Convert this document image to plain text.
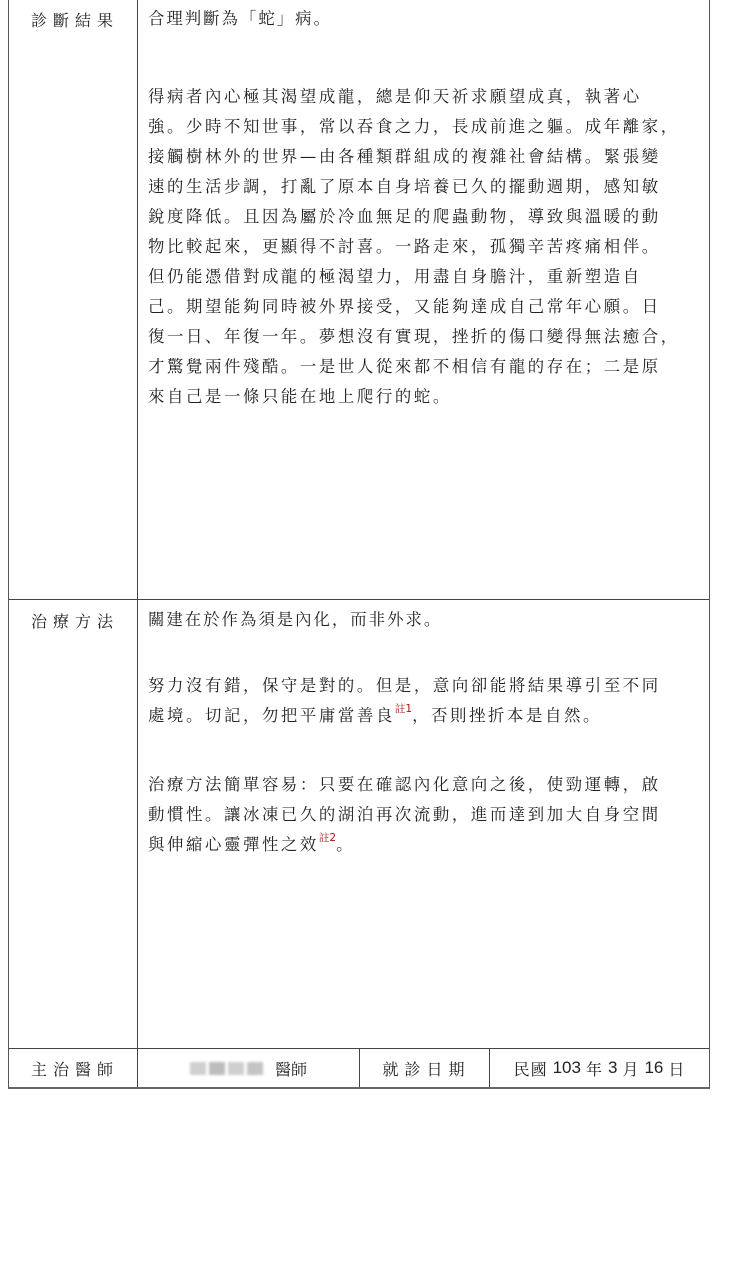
診斷結果	合理判斷為「蛇」病。
得病者內心極其渴望成龍，總是仰天祈求願望成真，執著心
強。少時不知世事，常以吞食之力，長成前進之軀。成年離家，
接觸樹林外的世界—由各種類群組成的複雜社會結構。緊張變
速的生活步調，打亂了原本自身培養已久的擺動週期，感知敏
銳度降低。且因為屬於冷血無足的爬蟲動物，導致與溫暖的動
物比較起來，更顯得不討喜。一路走來，孤獨辛苦疼痛相伴。
但仍能憑借對成龍的極渴望力，用盡自身膽汁，重新塑造自
己。期望能夠同時被外界接受，又能夠達成自己常年心願。日
復一日、年復一年。夢想沒有實現，挫折的傷口變得無法癒合，
才驚覺兩件殘酷。一是世人從來都不相信有龍的存在；二是原
來自己是一條只能在地上爬行的蛇。
治療方法	關建在於作為須是內化，而非外求。
努力沒有錯，保守是對的。但是，意向卻能將結果導引至不同
處境。切記，勿把平庸當善良$^{註1}$，否則挫折本是自然。
治療方法簡單容易：只要在確認內化意向之後，使勁運轉，啟
動慣性。讓冰凍已久的湖泊再次流動，進而達到加大自身空間
與伸縮心靈彈性之效$^{註2}$。
主治醫師	醫師	就診日期	民國 103 年 3 月 16 日
